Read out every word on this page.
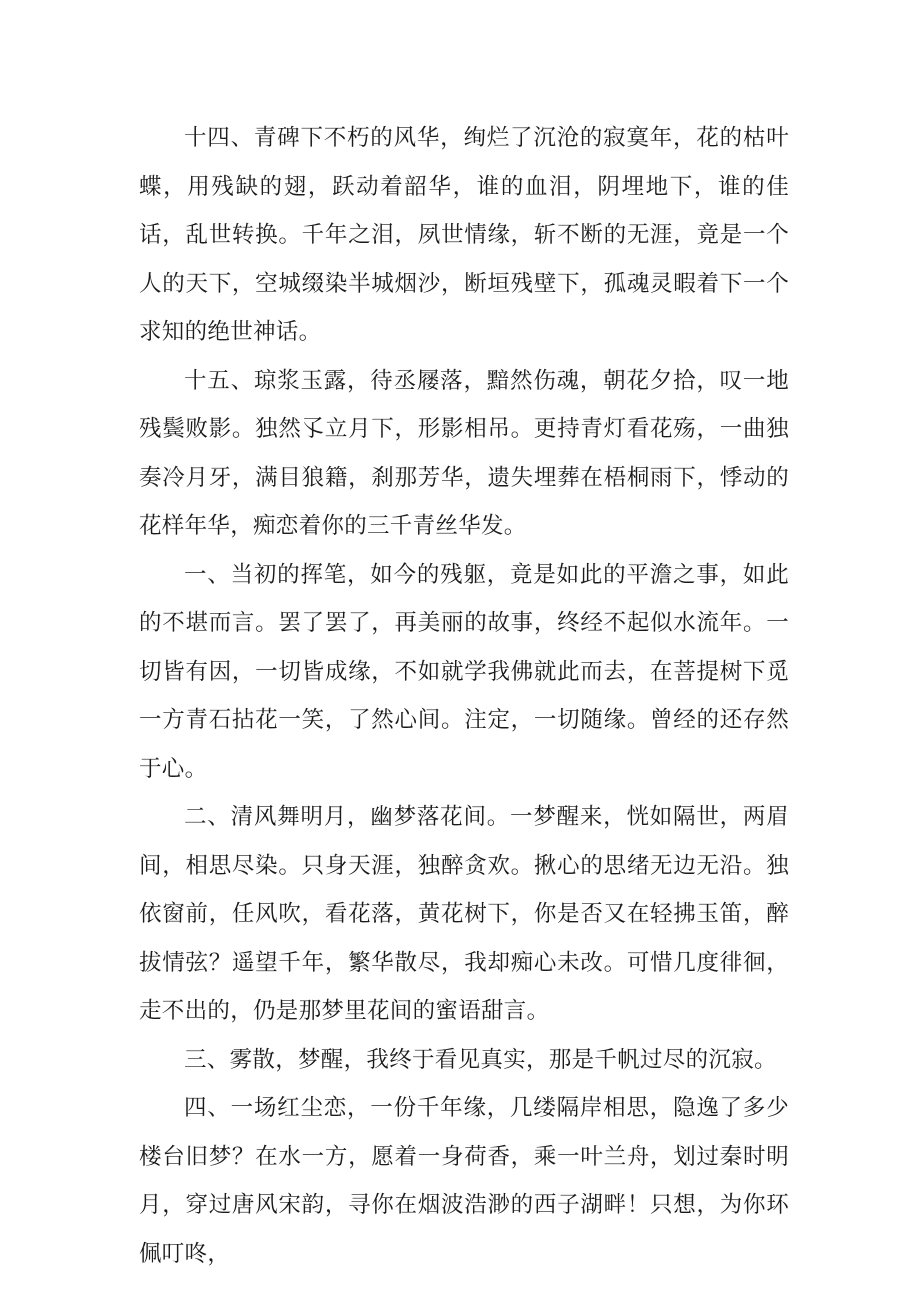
十四、青碑下不朽的风华，绚烂了沉沧的寂寞年，花的枯叶蝶，用残缺的翅，跃动着韶华，谁的血泪，阴埋地下，谁的佳话，乱世转换。千年之泪，夙世情缘，斩不断的无涯，竟是一个人的天下，空城缀染半城烟沙，断垣残壁下，孤魂灵暇着下一个求知的绝世神话。

十五、琼浆玉露，待丞屦落，黯然伤魂，朝花夕拾，叹一地残鬓败影。独然孓立月下，形影相吊。更持青灯看花殇，一曲独奏冷月牙，满目狼籍，刹那芳华，遗失埋葬在梧桐雨下，悸动的花样年华，痴恋着你的三千青丝华发。

一、当初的挥笔，如今的残躯，竟是如此的平澹之事，如此的不堪而言。罢了罢了，再美丽的故事，终经不起似水流年。一切皆有因，一切皆成缘，不如就学我佛就此而去，在菩提树下觅一方青石拈花一笑，了然心间。注定，一切随缘。曾经的还存然于心。

二、清风舞明月，幽梦落花间。一梦醒来，恍如隔世，两眉间，相思尽染。只身天涯，独醉贪欢。揪心的思绪无边无沿。独依窗前，任风吹，看花落，黄花树下，你是否又在轻拂玉笛，醉拔情弦？遥望千年，繁华散尽，我却痴心未改。可惜几度徘徊，走不出的，仍是那梦里花间的蜜语甜言。

三、雾散，梦醒，我终于看见真实，那是千帆过尽的沉寂。

四、一场红尘恋，一份千年缘，几缕隔岸相思，隐逸了多少楼台旧梦？在水一方，愿着一身荷香，乘一叶兰舟，划过秦时明月，穿过唐风宋韵，寻你在烟波浩渺的西子湖畔！只想，为你环佩叮咚，
